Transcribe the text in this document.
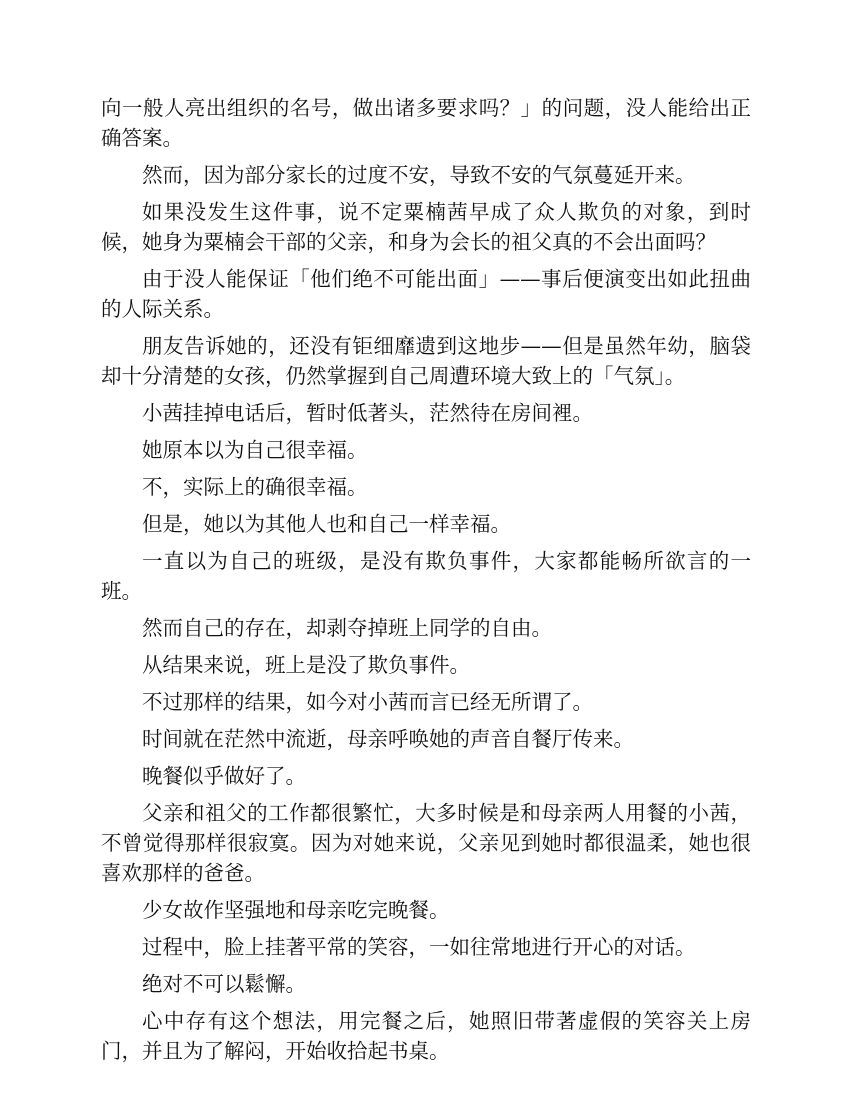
向一般人亮出组织的名号，做出诸多要求吗？」的问题，没人能给出正确答案。

然而，因为部分家长的过度不安，导致不安的气氛蔓延开来。

如果没发生这件事，说不定粟楠茜早成了众人欺负的对象，到时候，她身为粟楠会干部的父亲，和身为会长的祖父真的不会出面吗？

由于没人能保证「他们绝不可能出面」——事后便演变出如此扭曲的人际关系。

朋友告诉她的，还没有钜细靡遗到这地步——但是虽然年幼，脑袋却十分清楚的女孩，仍然掌握到自己周遭环境大致上的「气氛」。

小茜挂掉电话后，暂时低著头，茫然待在房间裡。

她原本以为自己很幸福。

不，实际上的确很幸福。

但是，她以为其他人也和自己一样幸福。

一直以为自己的班级，是没有欺负事件，大家都能畅所欲言的一班。

然而自己的存在，却剥夺掉班上同学的自由。

从结果来说，班上是没了欺负事件。

不过那样的结果，如今对小茜而言已经无所谓了。

时间就在茫然中流逝，母亲呼唤她的声音自餐厅传来。

晚餐似乎做好了。

父亲和祖父的工作都很繁忙，大多时候是和母亲两人用餐的小茜，不曾觉得那样很寂寞。因为对她来说，父亲见到她时都很温柔，她也很喜欢那样的爸爸。

少女故作坚强地和母亲吃完晚餐。

过程中，脸上挂著平常的笑容，一如往常地进行开心的对话。

绝对不可以鬆懈。

心中存有这个想法，用完餐之后，她照旧带著虚假的笑容关上房门，并且为了解闷，开始收拾起书桌。
